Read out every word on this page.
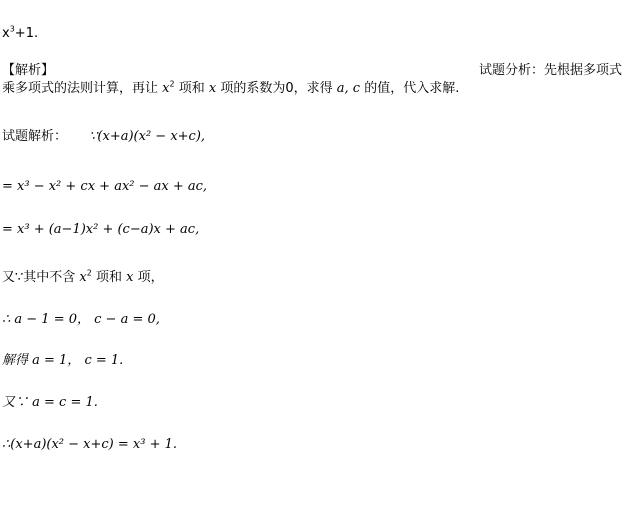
$x^3+1$.
【解析】	试题分析：先根据多项式
乘多项式的法则计算，再让 $x^2$ 项和 x 项的系数为0，求得 a, c 的值，代入求解.
试题解析： ∵(x+a)(x² − x+c),
= x³ − x² + cx + ax² − ax + ac,
= x³ + (a−1)x² + (c−a)x + ac,
又∵其中不含 $x^2$ 项和 x 项，
∴ a − 1 = 0， c − a = 0,
解得 a = 1， c = 1.
又∵ a = c = 1.
∴(x+a)(x² − x+c) = x³ + 1.
